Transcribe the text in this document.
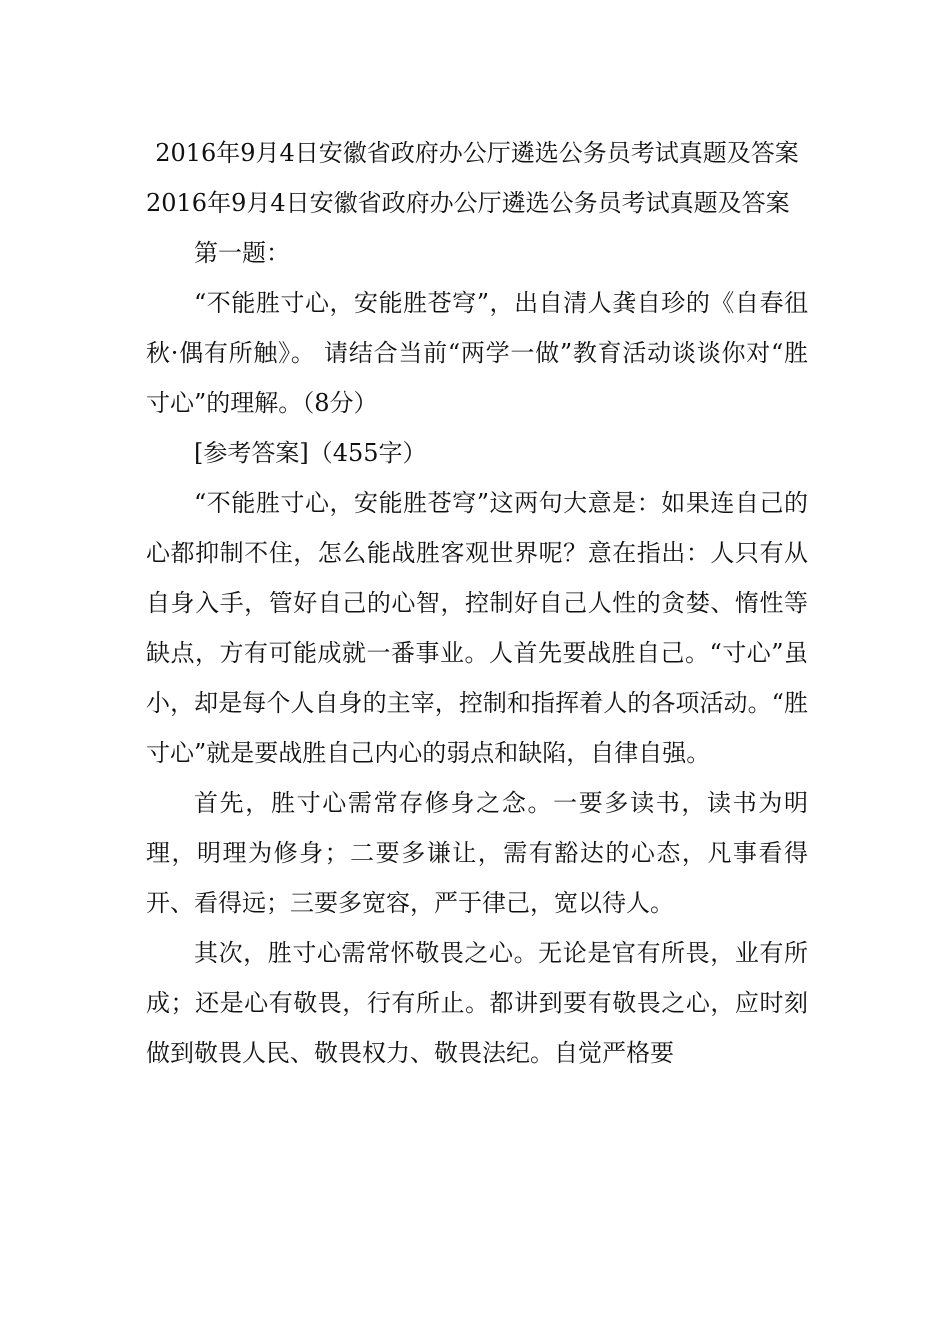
2016年9月4日安徽省政府办公厅遴选公务员考试真题及答案

2016年9月4日安徽省政府办公厅遴选公务员考试真题及答案

第一题：

“不能胜寸心，安能胜苍穹”，出自清人龚自珍的《自春徂秋·偶有所触》。 请结合当前“两学一做”教育活动谈谈你对“胜寸心”的理解。（8分）

[参考答案]（455字）

“不能胜寸心，安能胜苍穹”这两句大意是：如果连自己的心都抑制不住，怎么能战胜客观世界呢？意在指出：人只有从自身入手，管好自己的心智，控制好自己人性的贪婪、惰性等缺点，方有可能成就一番事业。人首先要战胜自己。“寸心”虽小，却是每个人自身的主宰，控制和指挥着人的各项活动。“胜寸心”就是要战胜自己内心的弱点和缺陷，自律自强。

首先，胜寸心需常存修身之念。一要多读书，读书为明理，明理为修身；二要多谦让，需有豁达的心态，凡事看得开、看得远；三要多宽容，严于律己，宽以待人。

其次，胜寸心需常怀敬畏之心。无论是官有所畏，业有所成；还是心有敬畏，行有所止。都讲到要有敬畏之心，应时刻做到敬畏人民、敬畏权力、敬畏法纪。自觉严格要
